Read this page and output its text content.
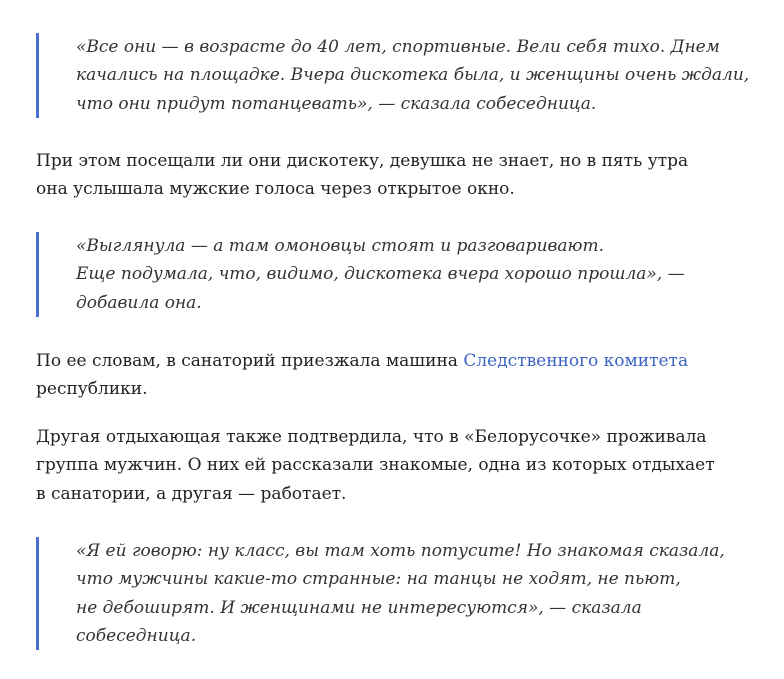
«Все они — в возрасте до 40 лет, спортивные. Вели себя тихо. Днем
качались на площадке. Вчера дискотека была, и женщины очень ждали,
что они придут потанцевать», — сказала собеседница.

При этом посещали ли они дискотеку, девушка не знает, но в пять утра
она услышала мужские голоса через открытое окно.

«Выглянула — а там омоновцы стоят и разговаривают.
Еще подумала, что, видимо, дискотека вчера хорошо прошла», —
добавила она.

По ее словам, в санаторий приезжала машина Следственного комитета
республики.

Другая отдыхающая также подтвердила, что в «Белорусочке» проживала
группа мужчин. О них ей рассказали знакомые, одна из которых отдыхает
в санатории, а другая — работает.

«Я ей говорю: ну класс, вы там хоть потусите! Но знакомая сказала,
что мужчины какие-то странные: на танцы не ходят, не пьют,
не дебоширят. И женщинами не интересуются», — сказала
собеседница.
